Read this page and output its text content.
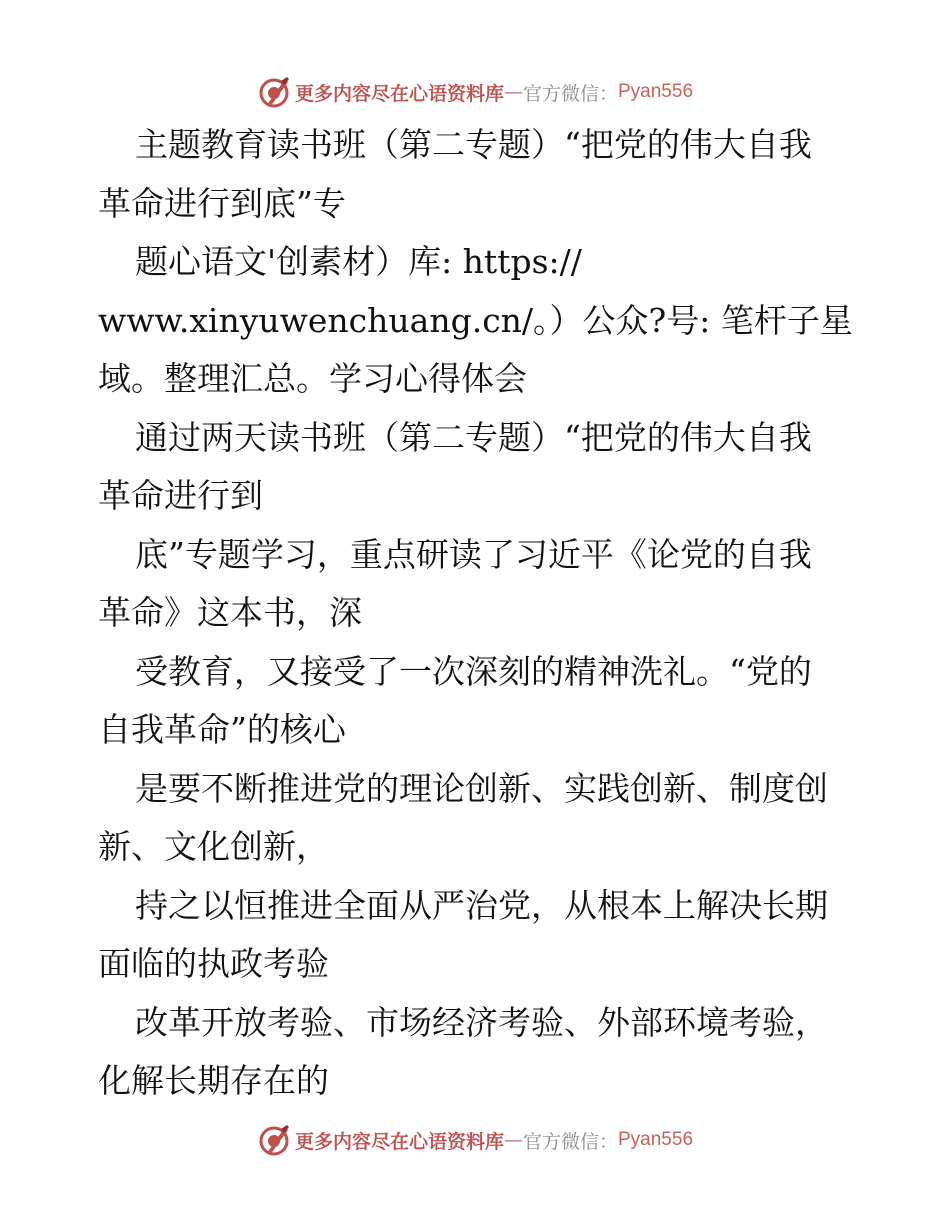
更多内容尽在心语资料库 — 官方微信： Pyan556
主题教育读书班（第二专题）“把党的伟大自我
革命进行到底”专
题心语文'创素材）库: https://
www.xinyuwenchuang.cn/。）公众?号: 笔杆子星
域。整理汇总。学习心得体会
通过两天读书班（第二专题）“把党的伟大自我
革命进行到
底”专题学习，重点研读了习近平《论党的自我
革命》这本书，深
受教育，又接受了一次深刻的精神洗礼。“党的
自我革命”的核心
是要不断推进党的理论创新、实践创新、制度创
新、文化创新，
持之以恒推进全面从严治党，从根本上解决长期
面临的执政考验
改革开放考验、市场经济考验、外部环境考验，
化解长期存在的
更多内容尽在心语资料库 — 官方微信： Pyan556
